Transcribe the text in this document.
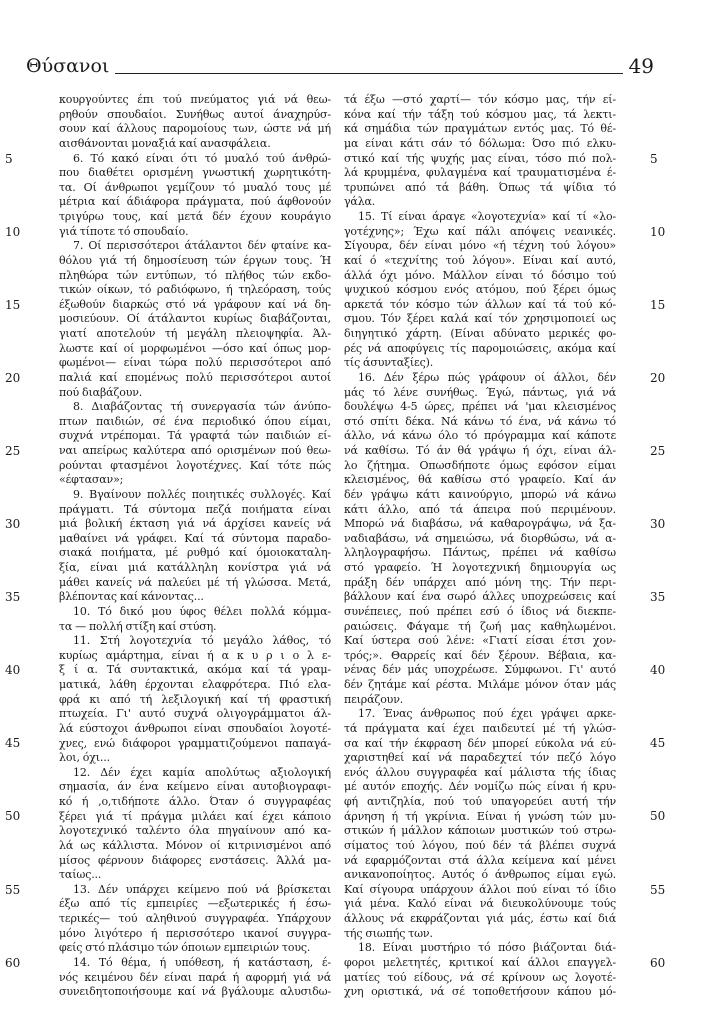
Θύσανοι	49

κουργούντες έπι τού πνεύματος γιά νά θεω-

ρηθούν σπουδαίοι. Συνήθως αυτοί άναχηρύσ-

σουν καί άλλους παρομοίους των, ώστε νά μή

αισθάνονται μοναξιά καί ανασφάλεια.

6. Τό κακό είναι ότι τό μυαλό τού άνθρώ-

που διαθέτει ορισμένη γνωστική χωρητικότη-

τα. Οί άνθρωποι γεμίζουν τό μυαλό τους μέ

μέτρια καί άδιάφορα πράγματα, πού άφθονούν

τριγύρω τους, καί μετά δέν έχουν κουράγιο

γιά τίποτε τό σπουδαίο.

7. Οί περισσότεροι άτάλαντοι δέν φταίνε κα-

θόλου γιά τή δημοσίευση τών έργων τους. Ή

πληθώρα τών εντύπων, τό πλήθος τών εκδο-

τικών οίκων, τό ραδιόφωνο, ή τηλεόραση, τούς

έξωθούν διαρκώς στό νά γράφουν καί νά δη-

μοσιεύουν. Οί άτάλαντοι κυρίως διαβάζονται,

γιατί αποτελούν τή μεγάλη πλειοψηφία. Άλ-

λωστε καί οί μορφωμένοι —όσο καί όπως μορ-

φωμένοι— είναι τώρα πολύ περισσότεροι από

παλιά καί επομένως πολύ περισσότεροι αυτοί

πού διαβάζουν.

8. Διαβάζοντας τή συνεργασία τών άνύπο-

πτων παιδιών, σέ ένα περιοδικό όπου είμαι,

συχνά ντρέπομαι. Τά γραφτά τών παιδιών εί-

ναι απείρως καλύτερα από ορισμένων πού θεω-

ρούνται φτασμένοι λογοτέχνες. Καί τότε πώς

«έφτασαν»;

9. Βγαίνουν πολλές ποιητικές συλλογές. Καί

πράγματι. Τά σύντομα πεζά ποιήματα είναι

μιά βολική έκταση γιά νά άρχίσει κανείς νά

μαθαίνει νά γράφει. Καί τά σύντομα παραδο-

σιακά ποιήματα, μέ ρυθμό καί όμοιοκαταλη-

ξία, είναι μιά κατάλληλη κονίστρα γιά νά

μάθει κανείς νά παλεύει μέ τή γλώσσα. Μετά,

βλέποντας καί κάνοντας...

10. Τό δικό μου ύφος θέλει πολλά κόμμα-

τα — πολλή στίξη καί στύση.

11. Στή λογοτεχνία τό μεγάλο λάθος, τό

κυρίως αμάρτημα, είναι ή α κ υ ρ ι ο λ ε-

ξ ί α. Τά συντακτικά, ακόμα καί τά γραμ-

ματικά, λάθη έρχονται ελαφρότερα. Πιό ελα-

φρά κι από τή λεξιλογική καί τή φραστική

πτωχεία. Γι' αυτό συχνά ολιγογράμματοι άλ-

λά εύστοχοι άνθρωποι είναι σπουδαίοι λογοτέ-

χνες, ενώ διάφοροι γραμματιζούμενοι παπαγά-

λοι, όχι...

12. Δέν έχει καμία απολύτως αξιολογική

σημασία, άν ένα κείμενο είναι αυτοβιογραφι-

κό ή ,ο,τιδήποτε άλλο. Όταν ό συγγραφέας

ξέρει γιά τί πράγμα μιλάει καί έχει κάποιο

λογοτεχνικό ταλέντο όλα πηγαίνουν από κα-

λά ως κάλλιστα. Μόνον οί κιτρινισμένοι από

μίσος φέρνουν διάφορες ενστάσεις. Άλλά μα-

ταίως...

13. Δέν υπάρχει κείμενο πού νά βρίσκεται

έξω από τίς εμπειρίες —εξωτερικές ή έσω-

τερικές— τού αληθινού συγγραφέα. Υπάρχουν

μόνο λιγότερο ή περισσότερο ικανοί συγγρα-

φείς στό πλάσιμο τών όποιων εμπειριών τους.

14. Τό θέμα, ή υπόθεση, ή κατάσταση, έ-

νός κειμένου δέν είναι παρά ή αφορμή γιά νά

συνειδητοποιήσουμε καί νά βγάλουμε αλυσιδω-

τά έξω —στό χαρτί— τόν κόσμο μας, τήν εί-

κόνα καί τήν τάξη τού κόσμου μας, τά λεκτι-

κά σημάδια τών πραγμάτων εντός μας. Τό θέ-

μα είναι κάτι σάν τό δόλωμα: Όσο πιό ελκυ-

στικό καί τής ψυχής μας είναι, τόσο πιό πολ-

λά κρυμμένα, φυλαγμένα καί τραυματισμένα έ-

τρυπώνει από τά βάθη. Όπως τά ψίδια τό

γάλα.

15. Τί είναι άραγε «λογοτεχνία» καί τί «λο-

γοτέχνης»; Έχω καί πάλι απόψεις νεανικές.

Σίγουρα, δέν είναι μόνο «ή τέχνη τού λόγου»

καί ό «τεχνίτης τού λόγου». Είναι καί αυτό,

άλλά όχι μόνο. Μάλλον είναι τό δόσιμο τού

ψυχικού κόσμου ενός ατόμου, πού ξέρει όμως

αρκετά τόν κόσμο τών άλλων καί τά τού κό-

σμου. Τόν ξέρει καλά καί τόν χρησιμοποιεί ως

διηγητικό χάρτη. (Είναι αδύνατο μερικές φο-

ρές νά αποφύγεις τίς παρομοιώσεις, ακόμα καί

τίς άσυνταξίες).

16. Δέν ξέρω πώς γράφουν οί άλλοι, δέν

μάς τό λένε συνήθως. Έγώ, πάντως, γιά νά

δουλέψω 4-5 ώρες, πρέπει νά 'μαι κλεισμένος

στό σπίτι δέκα. Νά κάνω τό ένα, νά κάνω τό

άλλο, νά κάνω όλο τό πρόγραμμα καί κάποτε

νά καθίσω. Τό άν θά γράψω ή όχι, είναι άλ-

λο ζήτημα. Οπωσδήποτε όμως εφόσον είμαι

κλεισμένος, θά καθίσω στό γραφείο. Καί άν

δέν γράψω κάτι καινούργιο, μπορώ νά κάνω

κάτι άλλο, από τά άπειρα πού περιμένουν.

Μπορώ νά διαβάσω, νά καθαρογράψω, νά ξα-

ναδιαβάσω, νά σημειώσω, νά διορθώσω, νά α-

λληλογραφήσω. Πάντως, πρέπει νά καθίσω

στό γραφείο. Ή λογοτεχνική δημιουργία ως

πράξη δέν υπάρχει από μόνη της. Τήν περι-

βάλλουν καί ένα σωρό άλλες υποχρεώσεις καί

συνέπειες, πού πρέπει εσύ ό ίδιος νά διεκπε-

ραιώσεις. Φάγαμε τή ζωή μας καθηλωμένοι.

Καί ύστερα σού λένε: «Γιατί είσαι έτσι χον-

τρός;». Θαρρείς καί δέν ξέρουν. Βέβαια, κα-

νένας δέν μάς υποχρέωσε. Σύμφωνοι. Γι' αυτό

δέν ζητάμε καί ρέστα. Μιλάμε μόνον όταν μάς

πειράζουν.

17. Ένας άνθρωπος πού έχει γράψει αρκε-

τά πράγματα καί έχει παιδευτεί μέ τή γλώσ-

σα καί τήν έκφραση δέν μπορεί εύκολα νά εύ-

χαριστηθεί καί νά παραδεχτεί τόν πεζό λόγο

ενός άλλου συγγραφέα καί μάλιστα τής ίδιας

μέ αυτόν εποχής. Δέν νομίζω πώς είναι ή κρυ-

φή αντιζηλία, πού τού υπαγορεύει αυτή τήν

άρνηση ή τή γκρίνια. Είναι ή γνώση τών μυ-

στικών ή μάλλον κάποιων μυστικών τού στρω-

σίματος τού λόγου, πού δέν τά βλέπει συχνά

νά εφαρμόζονται στά άλλα κείμενα καί μένει

ανικανοποίητος. Αυτός ό άνθρωπος είμαι εγώ.

Καί σίγουρα υπάρχουν άλλοι πού είναι τό ίδιο

γιά μένα. Καλό είναι νά διευκολύνουμε τούς

άλλους νά εκφράζονται γιά μάς, έστω καί διά

τής σιωπής των.

18. Είναι μυστήριο τό πόσο βιάζονται διά-

φοροι μελετητές, κριτικοί καί άλλοι επαγγελ-

ματίες τού είδους, νά σέ κρίνουν ως λογοτέ-

χνη οριστικά, νά σέ τοποθετήσουν κάπου μό-

5	5
10	10
15	15
20	20
25	25
30	30
35	35
40	40
45	45
50	50
55	55
60	60
